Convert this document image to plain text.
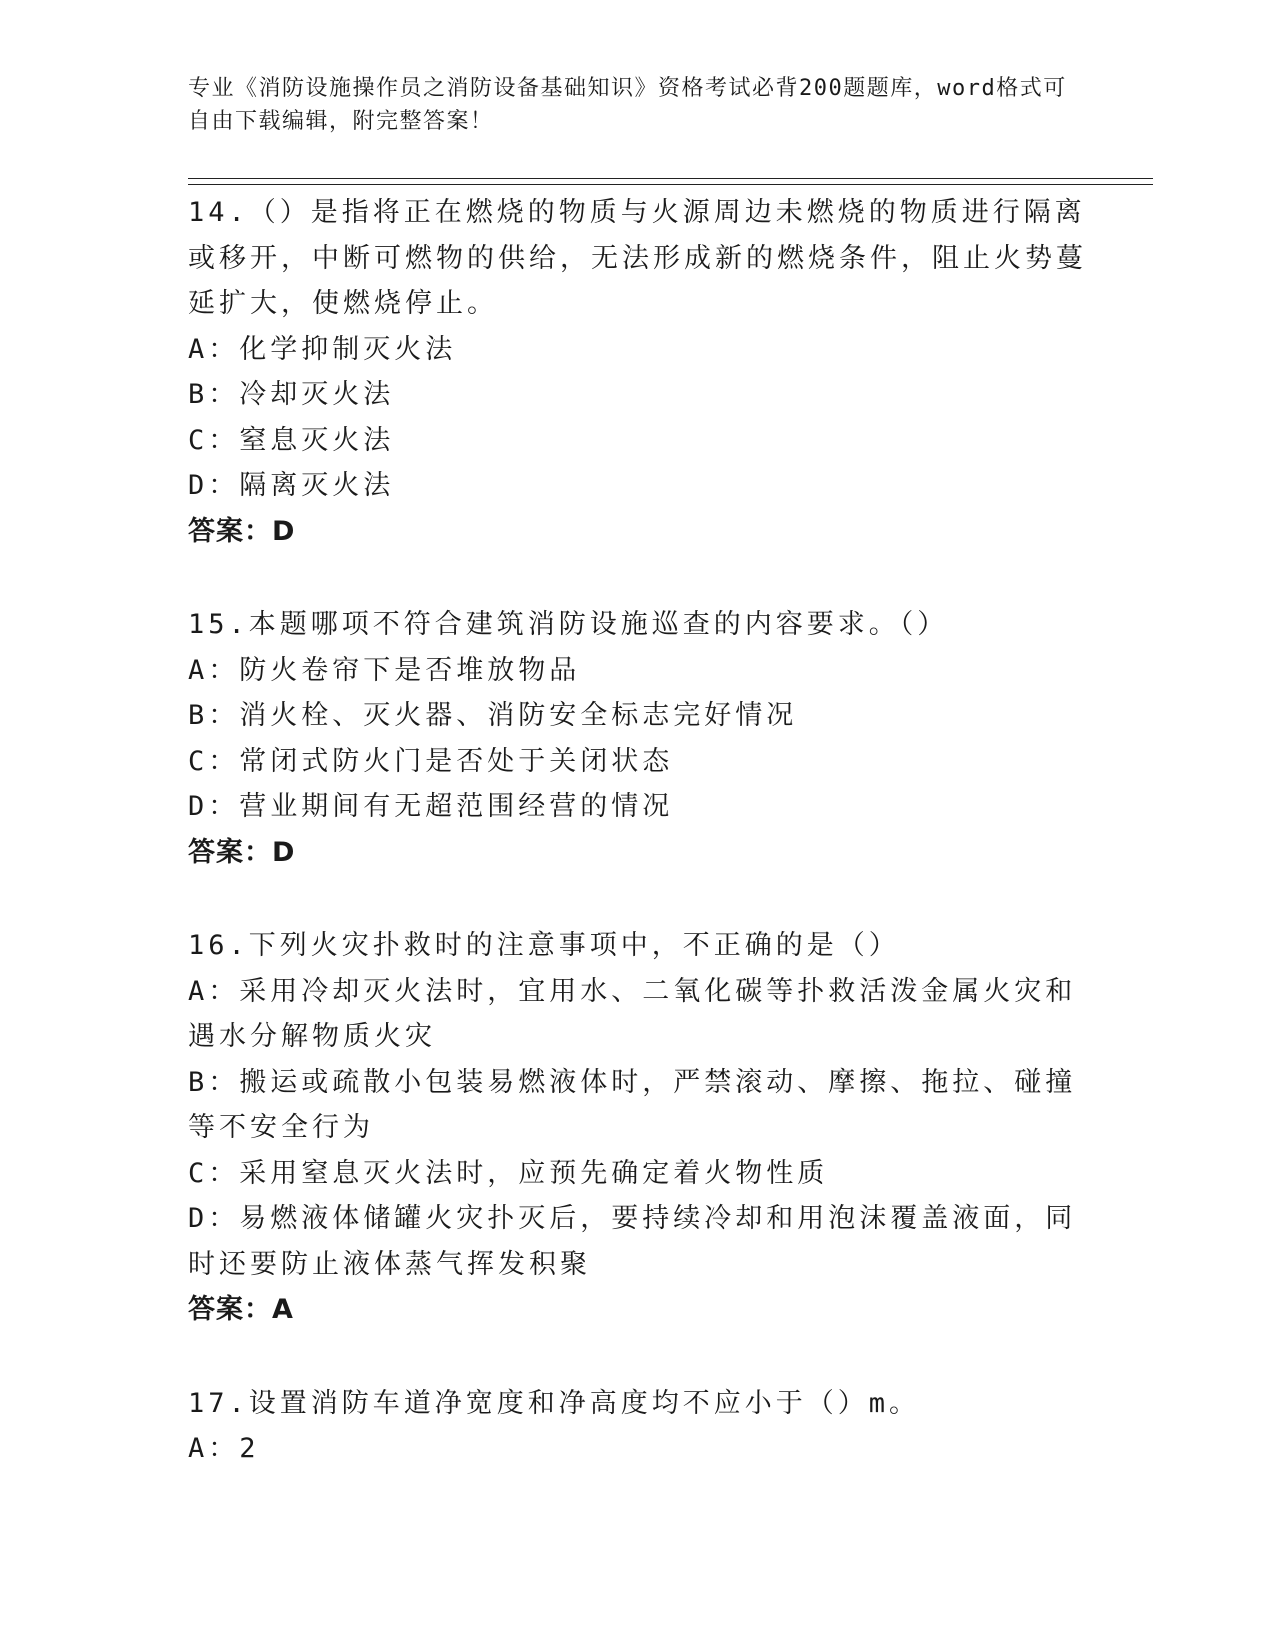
专业《消防设施操作员之消防设备基础知识》资格考试必背200题题库，word格式可自由下载编辑，附完整答案！
14.（）是指将正在燃烧的物质与火源周边未燃烧的物质进行隔离或移开，中断可燃物的供给，无法形成新的燃烧条件，阻止火势蔓延扩大，使燃烧停止。
A：化学抑制灭火法
B：冷却灭火法
C：窒息灭火法
D：隔离灭火法
答案：D
15.本题哪项不符合建筑消防设施巡查的内容要求。（）
A：防火卷帘下是否堆放物品
B：消火栓、灭火器、消防安全标志完好情况
C：常闭式防火门是否处于关闭状态
D：营业期间有无超范围经营的情况
答案：D
16.下列火灾扑救时的注意事项中，不正确的是（）
A：采用冷却灭火法时，宜用水、二氧化碳等扑救活泼金属火灾和遇水分解物质火灾
B：搬运或疏散小包装易燃液体时，严禁滚动、摩擦、拖拉、碰撞等不安全行为
C：采用窒息灭火法时，应预先确定着火物性质
D：易燃液体储罐火灾扑灭后，要持续冷却和用泡沫覆盖液面，同时还要防止液体蒸气挥发积聚
答案：A
17.设置消防车道净宽度和净高度均不应小于（）m。
A：2
